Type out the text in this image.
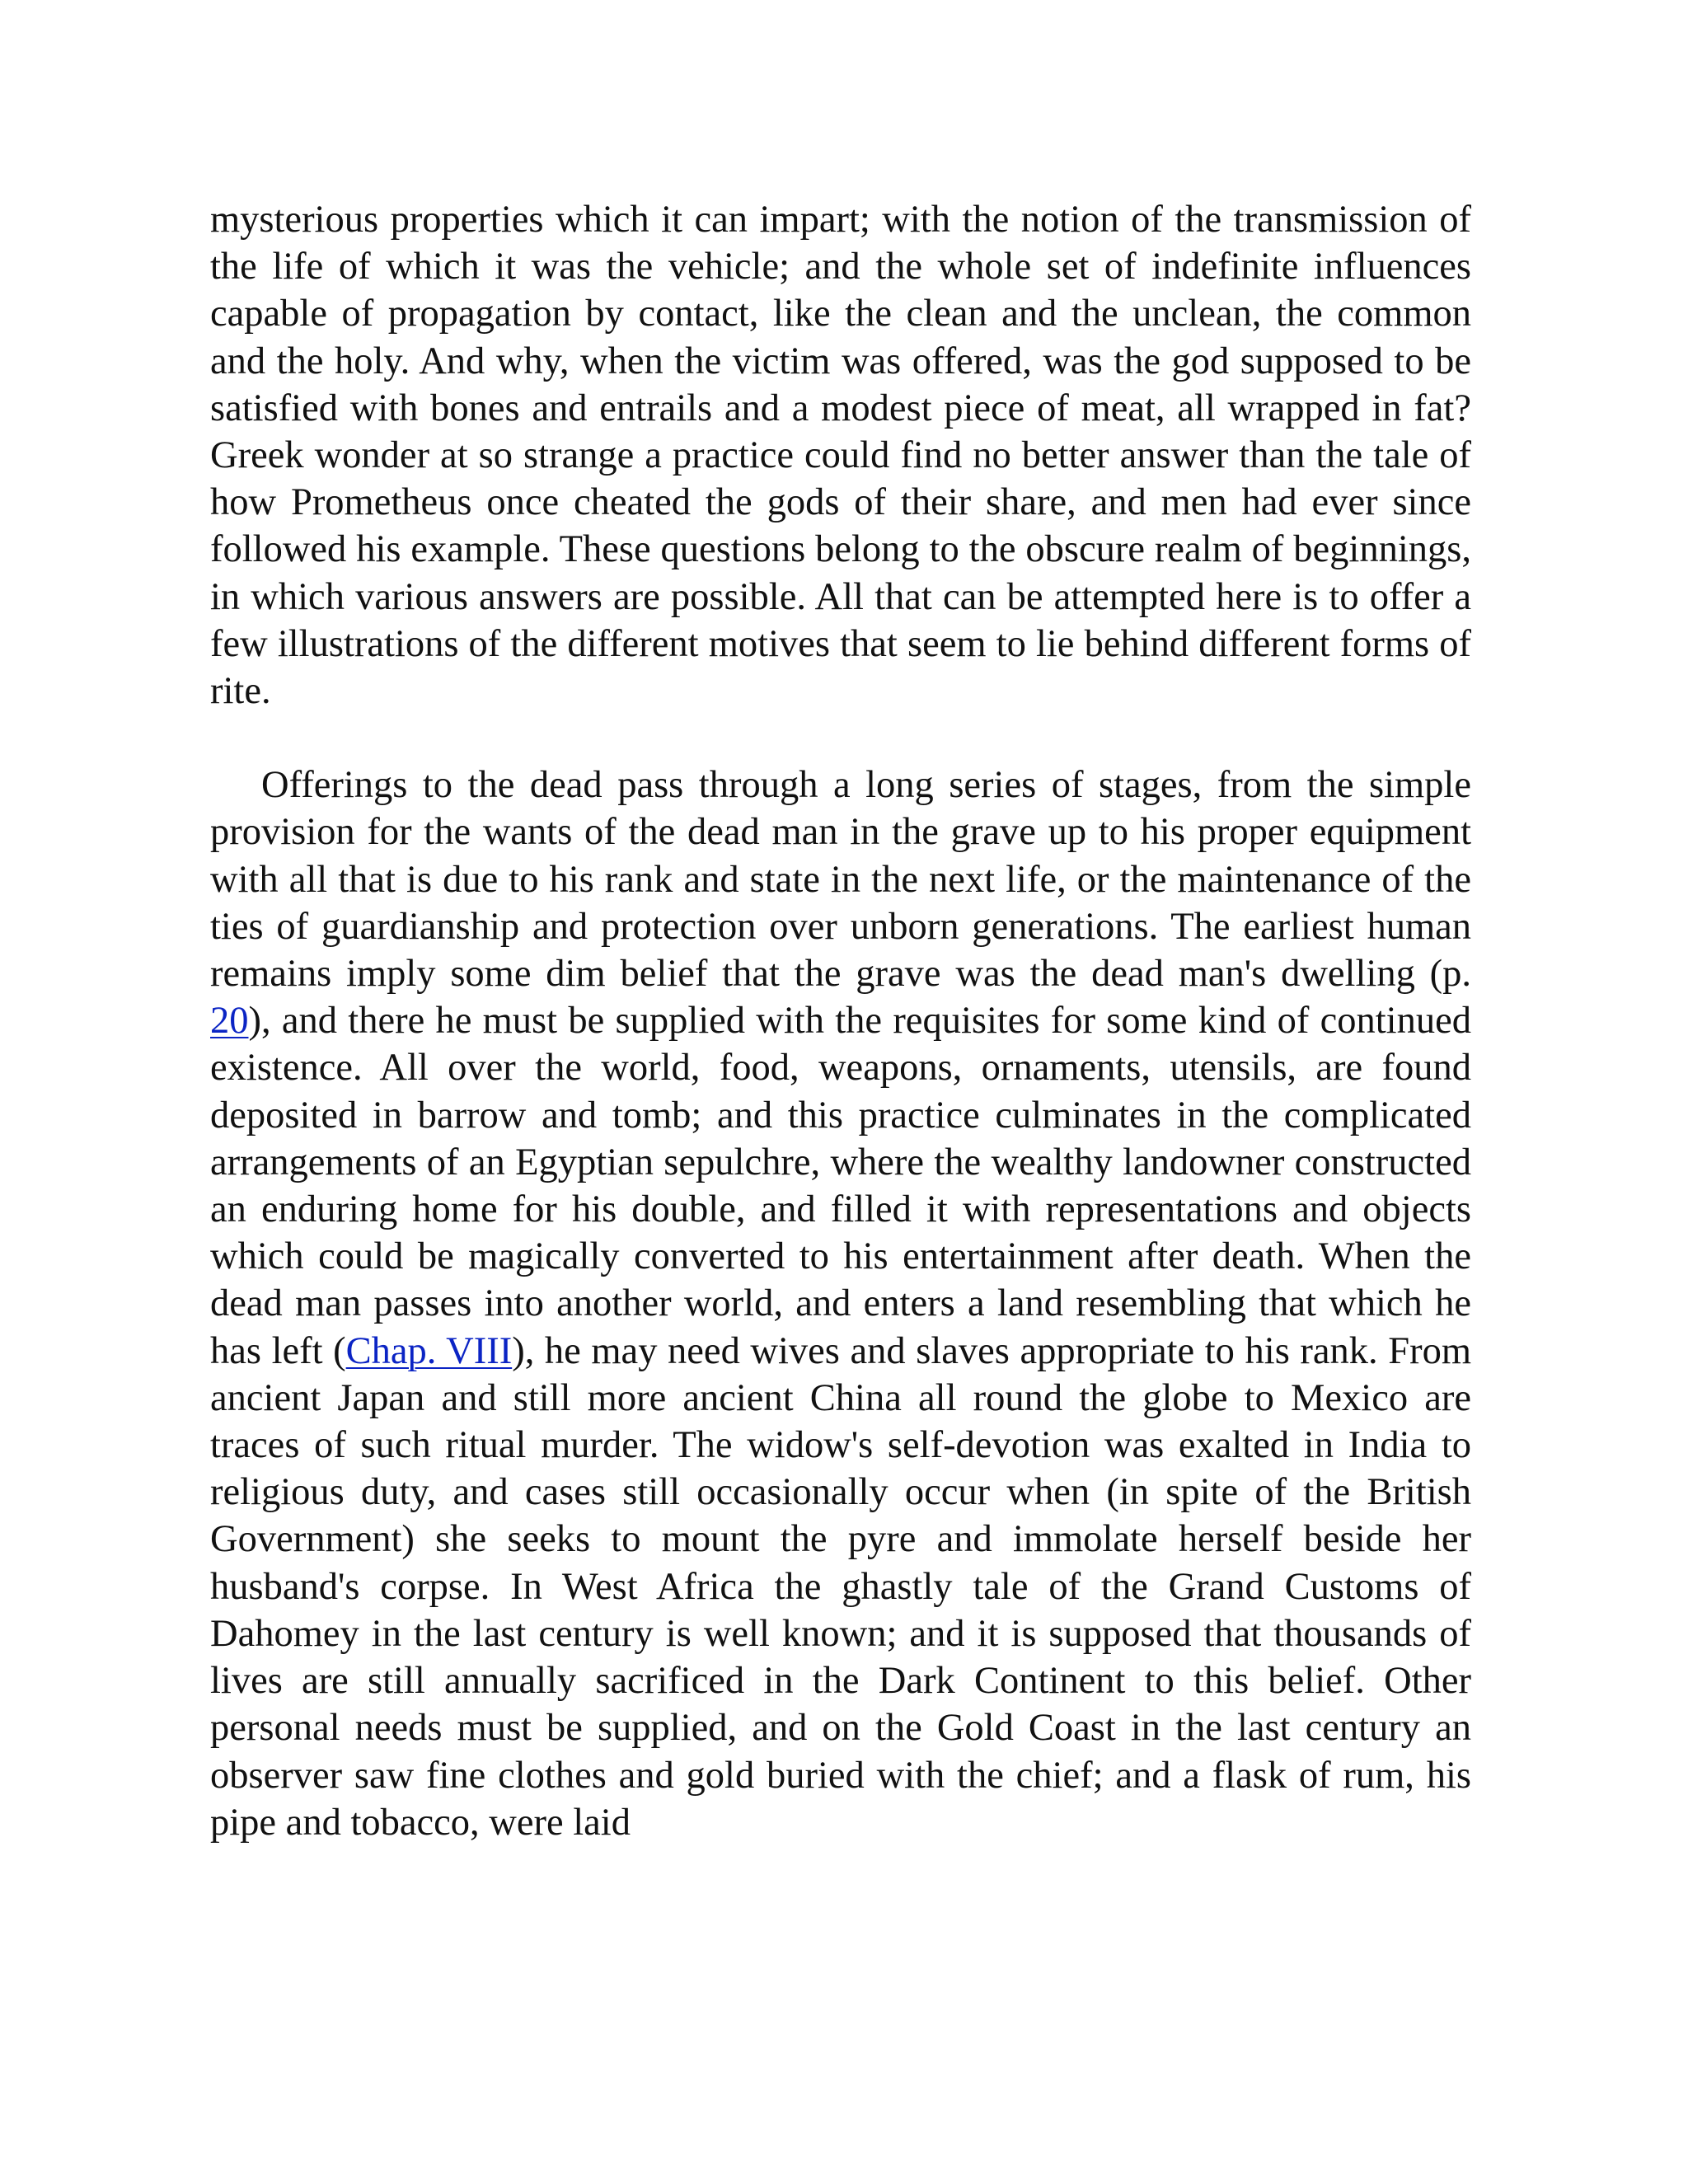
mysterious properties which it can impart; with the notion of the transmission of the life of which it was the vehicle; and the whole set of indefinite influences capable of propagation by contact, like the clean and the unclean, the common and the holy. And why, when the victim was offered, was the god supposed to be satisfied with bones and entrails and a modest piece of meat, all wrapped in fat? Greek wonder at so strange a practice could find no better answer than the tale of how Prometheus once cheated the gods of their share, and men had ever since followed his example. These questions belong to the obscure realm of beginnings, in which various answers are possible. All that can be attempted here is to offer a few illustrations of the different motives that seem to lie behind different forms of rite.

Offerings to the dead pass through a long series of stages, from the simple provision for the wants of the dead man in the grave up to his proper equipment with all that is due to his rank and state in the next life, or the maintenance of the ties of guardianship and protection over unborn generations. The earliest human remains imply some dim belief that the grave was the dead man's dwelling (p. 20), and there he must be supplied with the requisites for some kind of continued existence. All over the world, food, weapons, ornaments, utensils, are found deposited in barrow and tomb; and this practice culminates in the complicated arrangements of an Egyptian sepulchre, where the wealthy landowner constructed an enduring home for his double, and filled it with representations and objects which could be magically converted to his entertainment after death. When the dead man passes into another world, and enters a land resembling that which he has left (Chap. VIII), he may need wives and slaves appropriate to his rank. From ancient Japan and still more ancient China all round the globe to Mexico are traces of such ritual murder. The widow's self-devotion was exalted in India to religious duty, and cases still occasionally occur when (in spite of the British Government) she seeks to mount the pyre and immolate herself beside her husband's corpse. In West Africa the ghastly tale of the Grand Customs of Dahomey in the last century is well known; and it is supposed that thousands of lives are still annually sacrificed in the Dark Continent to this belief. Other personal needs must be supplied, and on the Gold Coast in the last century an observer saw fine clothes and gold buried with the chief; and a flask of rum, his pipe and tobacco, were laid
